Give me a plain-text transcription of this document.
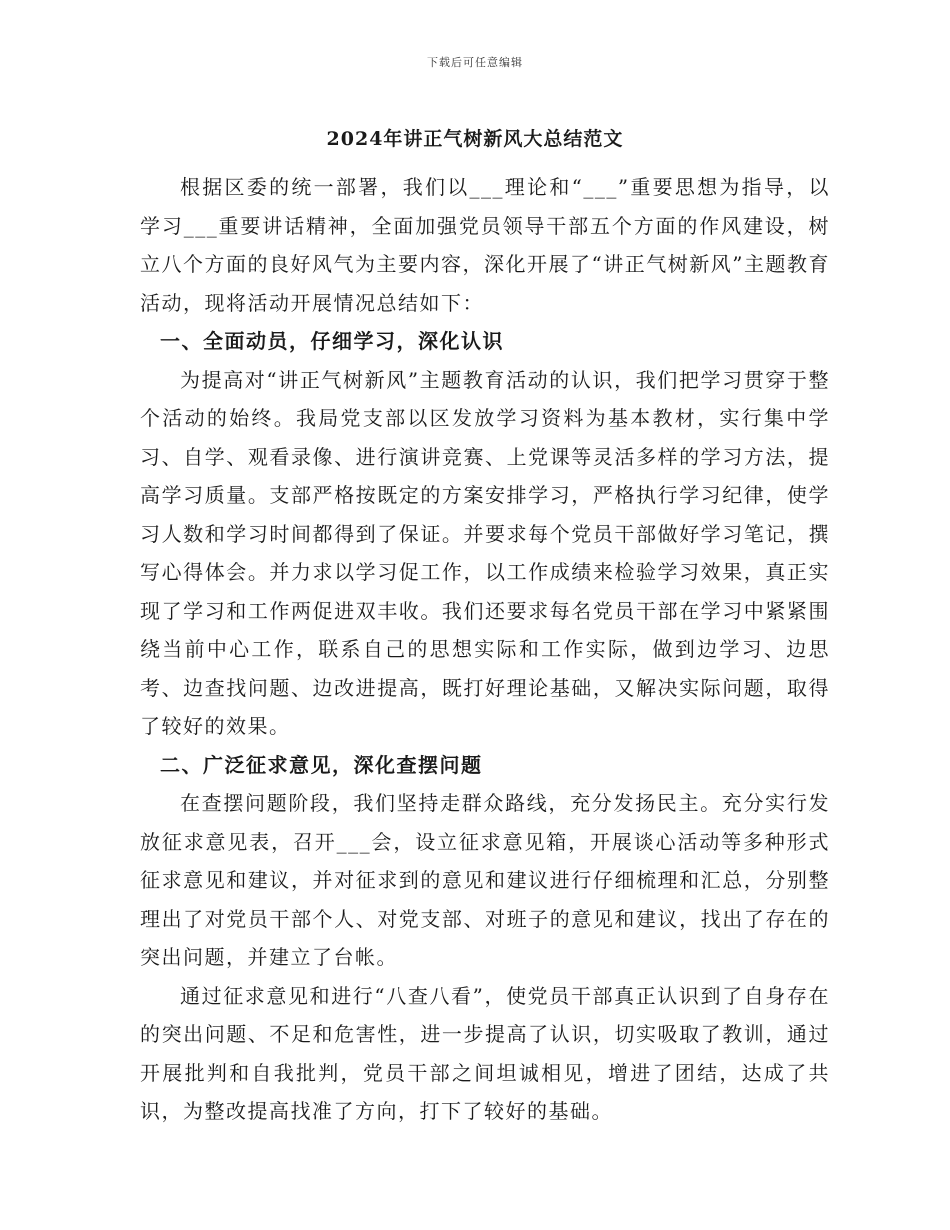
下载后可任意编辑
2024年讲正气树新风大总结范文

根据区委的统一部署，我们以___理论和“___”重要思想为指导，以学习___重要讲话精神，全面加强党员领导干部五个方面的作风建设，树立八个方面的良好风气为主要内容，深化开展了“讲正气树新风”主题教育活动，现将活动开展情况总结如下：

一、全面动员，仔细学习，深化认识

为提高对“讲正气树新风”主题教育活动的认识，我们把学习贯穿于整个活动的始终。我局党支部以区发放学习资料为基本教材，实行集中学习、自学、观看录像、进行演讲竞赛、上党课等灵活多样的学习方法，提高学习质量。支部严格按既定的方案安排学习，严格执行学习纪律，使学习人数和学习时间都得到了保证。并要求每个党员干部做好学习笔记，撰写心得体会。并力求以学习促工作，以工作成绩来检验学习效果，真正实现了学习和工作两促进双丰收。我们还要求每名党员干部在学习中紧紧围绕当前中心工作，联系自己的思想实际和工作实际，做到边学习、边思考、边查找问题、边改进提高，既打好理论基础，又解决实际问题，取得了较好的效果。

二、广泛征求意见，深化查摆问题

在查摆问题阶段，我们坚持走群众路线，充分发扬民主。充分实行发放征求意见表，召开___会，设立征求意见箱，开展谈心活动等多种形式征求意见和建议，并对征求到的意见和建议进行仔细梳理和汇总，分别整理出了对党员干部个人、对党支部、对班子的意见和建议，找出了存在的突出问题，并建立了台帐。

通过征求意见和进行“八查八看”，使党员干部真正认识到了自身存在的突出问题、不足和危害性，进一步提高了认识，切实吸取了教训，通过开展批判和自我批判，党员干部之间坦诚相见，增进了团结，达成了共识，为整改提高找准了方向，打下了较好的基础。
